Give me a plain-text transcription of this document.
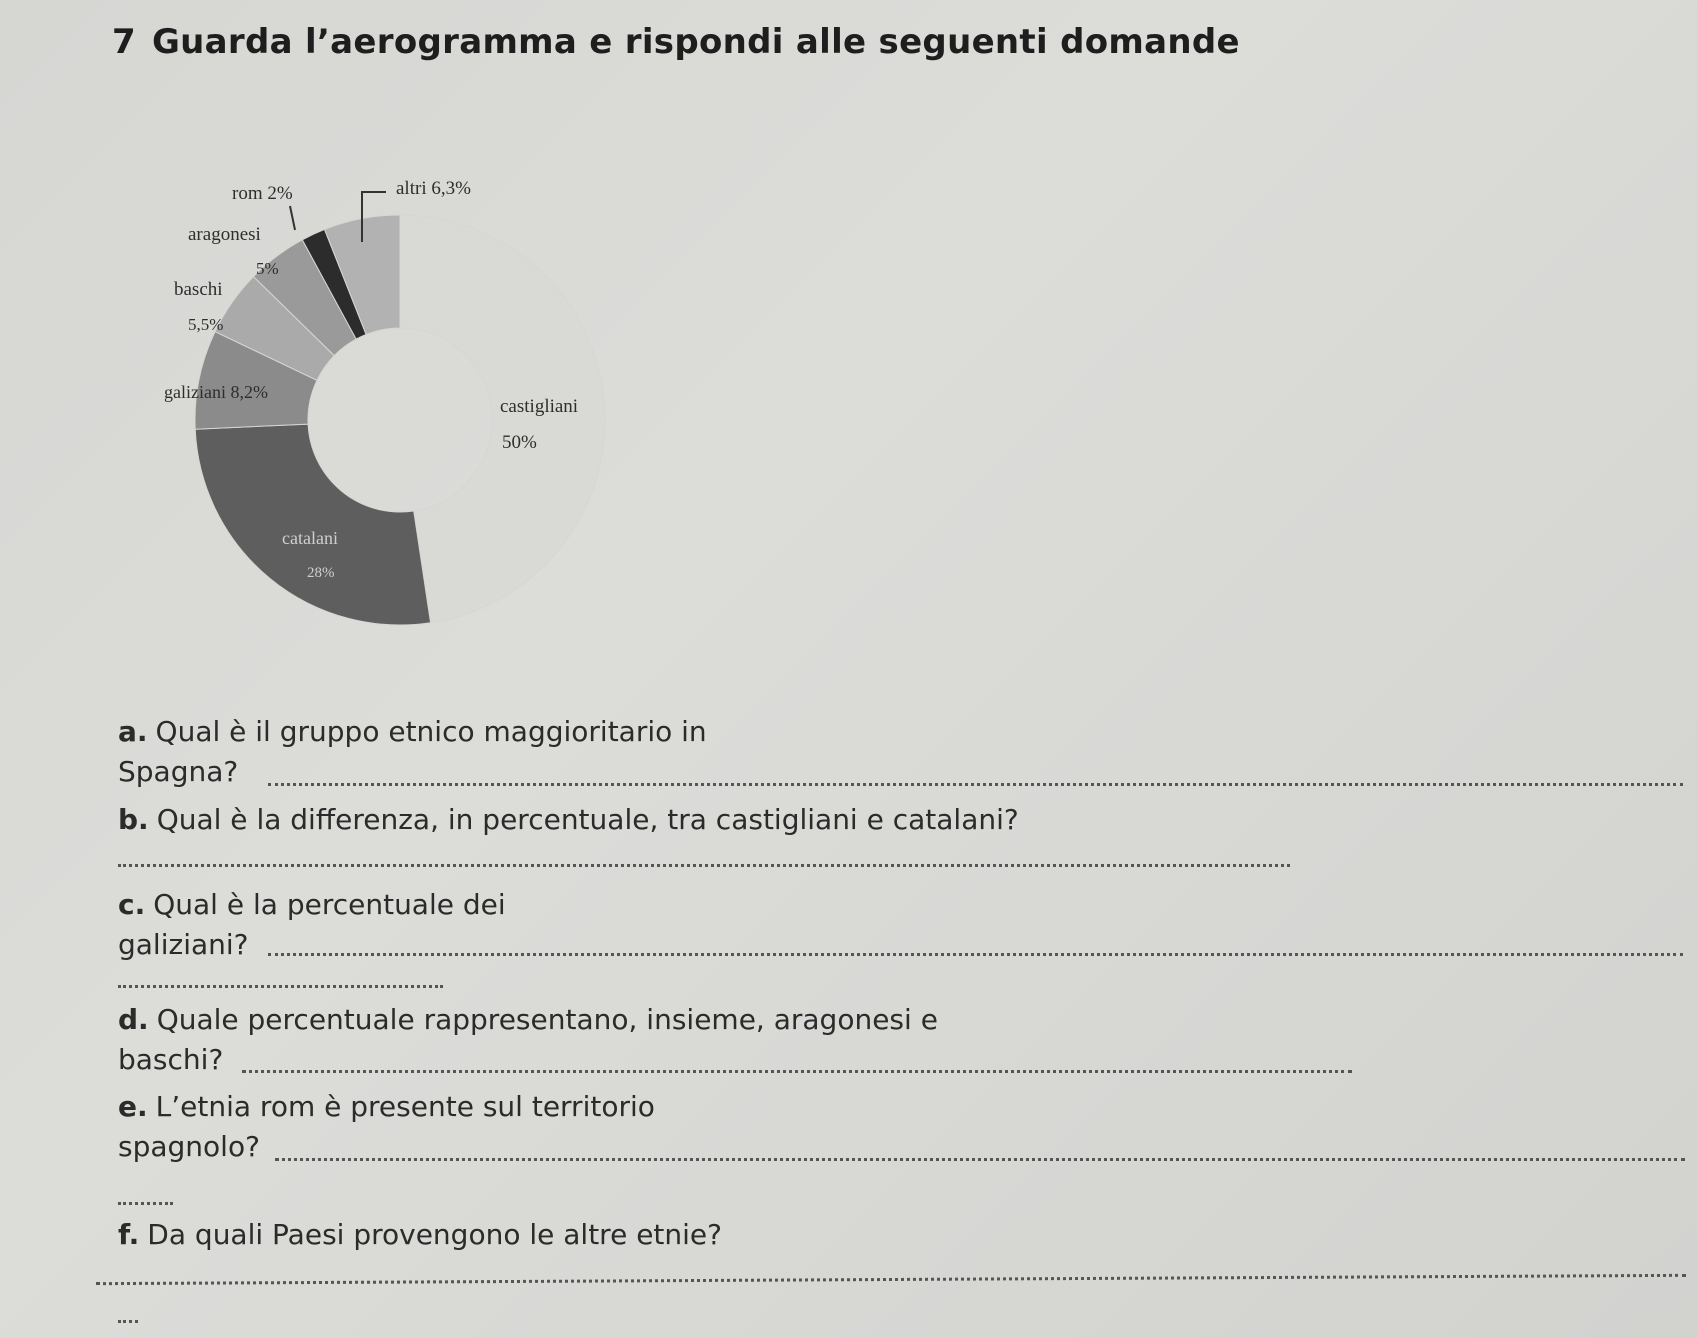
7 Guarda l’aerogramma e rispondi alle seguenti domande
rom 2%	altri 6,3%
aragonesi
5%
baschi
5,5%
galiziani 8,2%
castigliani
50%
catalani
28%
a. Qual è il gruppo etnico maggioritario in
Spagna?
b. Qual è la differenza, in percentuale, tra castigliani e catalani?
c. Qual è la percentuale dei
galiziani?
d. Quale percentuale rappresentano, insieme, aragonesi e
baschi?
e. L’etnia rom è presente sul territorio
spagnolo?
f. Da quali Paesi provengono le altre etnie?
